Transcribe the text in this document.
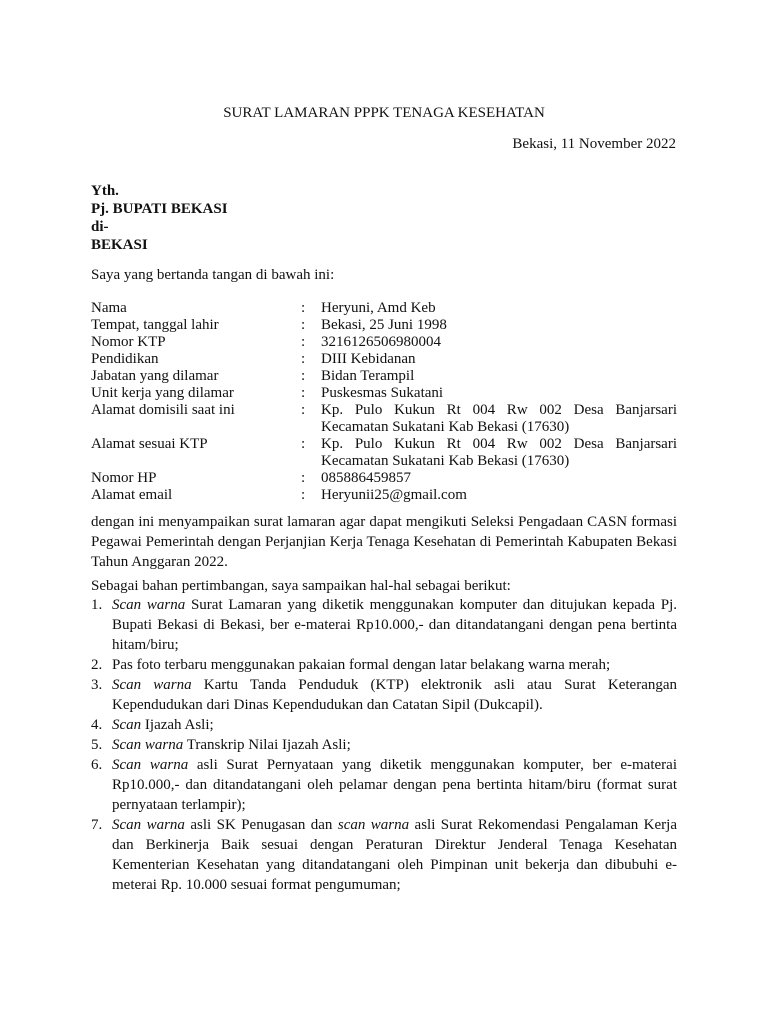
SURAT LAMARAN PPPK TENAGA KESEHATAN
Bekasi, 11 November 2022
Yth.
Pj. BUPATI BEKASI
di-
BEKASI
Saya yang bertanda tangan di bawah ini:
Nama	:	Heryuni, Amd Keb
Tempat, tanggal lahir	:	Bekasi, 25 Juni 1998
Nomor KTP	:	3216126506980004
Pendidikan	:	DIII Kebidanan
Jabatan yang dilamar	:	Bidan Terampil
Unit kerja yang dilamar	:	Puskesmas Sukatani
Alamat domisili saat ini	:	Kp. Pulo Kukun Rt 004 Rw 002 Desa Banjarsari
Kecamatan Sukatani Kab Bekasi (17630)
Alamat sesuai KTP	:	Kp. Pulo Kukun Rt 004 Rw 002 Desa Banjarsari
Kecamatan Sukatani Kab Bekasi (17630)
Nomor HP	:	085886459857
Alamat email	:	Heryunii25@gmail.com
dengan ini menyampaikan surat lamaran agar dapat mengikuti Seleksi Pengadaan CASN formasi Pegawai Pemerintah dengan Perjanjian Kerja Tenaga Kesehatan di Pemerintah Kabupaten Bekasi Tahun Anggaran 2022.
Sebagai bahan pertimbangan, saya sampaikan hal-hal sebagai berikut:
1. Scan warna Surat Lamaran yang diketik menggunakan komputer dan ditujukan kepada Pj. Bupati Bekasi di Bekasi, ber e-materai Rp10.000,- dan ditandatangani dengan pena bertinta hitam/biru;
2. Pas foto terbaru menggunakan pakaian formal dengan latar belakang warna merah;
3. Scan warna Kartu Tanda Penduduk (KTP) elektronik asli atau Surat Keterangan Kependudukan dari Dinas Kependudukan dan Catatan Sipil (Dukcapil).
4. Scan Ijazah Asli;
5. Scan warna Transkrip Nilai Ijazah Asli;
6. Scan warna asli Surat Pernyataan yang diketik menggunakan komputer, ber e-materai Rp10.000,- dan ditandatangani oleh pelamar dengan pena bertinta hitam/biru (format surat pernyataan terlampir);
7. Scan warna asli SK Penugasan dan scan warna asli Surat Rekomendasi Pengalaman Kerja dan Berkinerja Baik sesuai dengan Peraturan Direktur Jenderal Tenaga Kesehatan Kementerian Kesehatan yang ditandatangani oleh Pimpinan unit bekerja dan dibubuhi e-meterai Rp. 10.000 sesuai format pengumuman;
